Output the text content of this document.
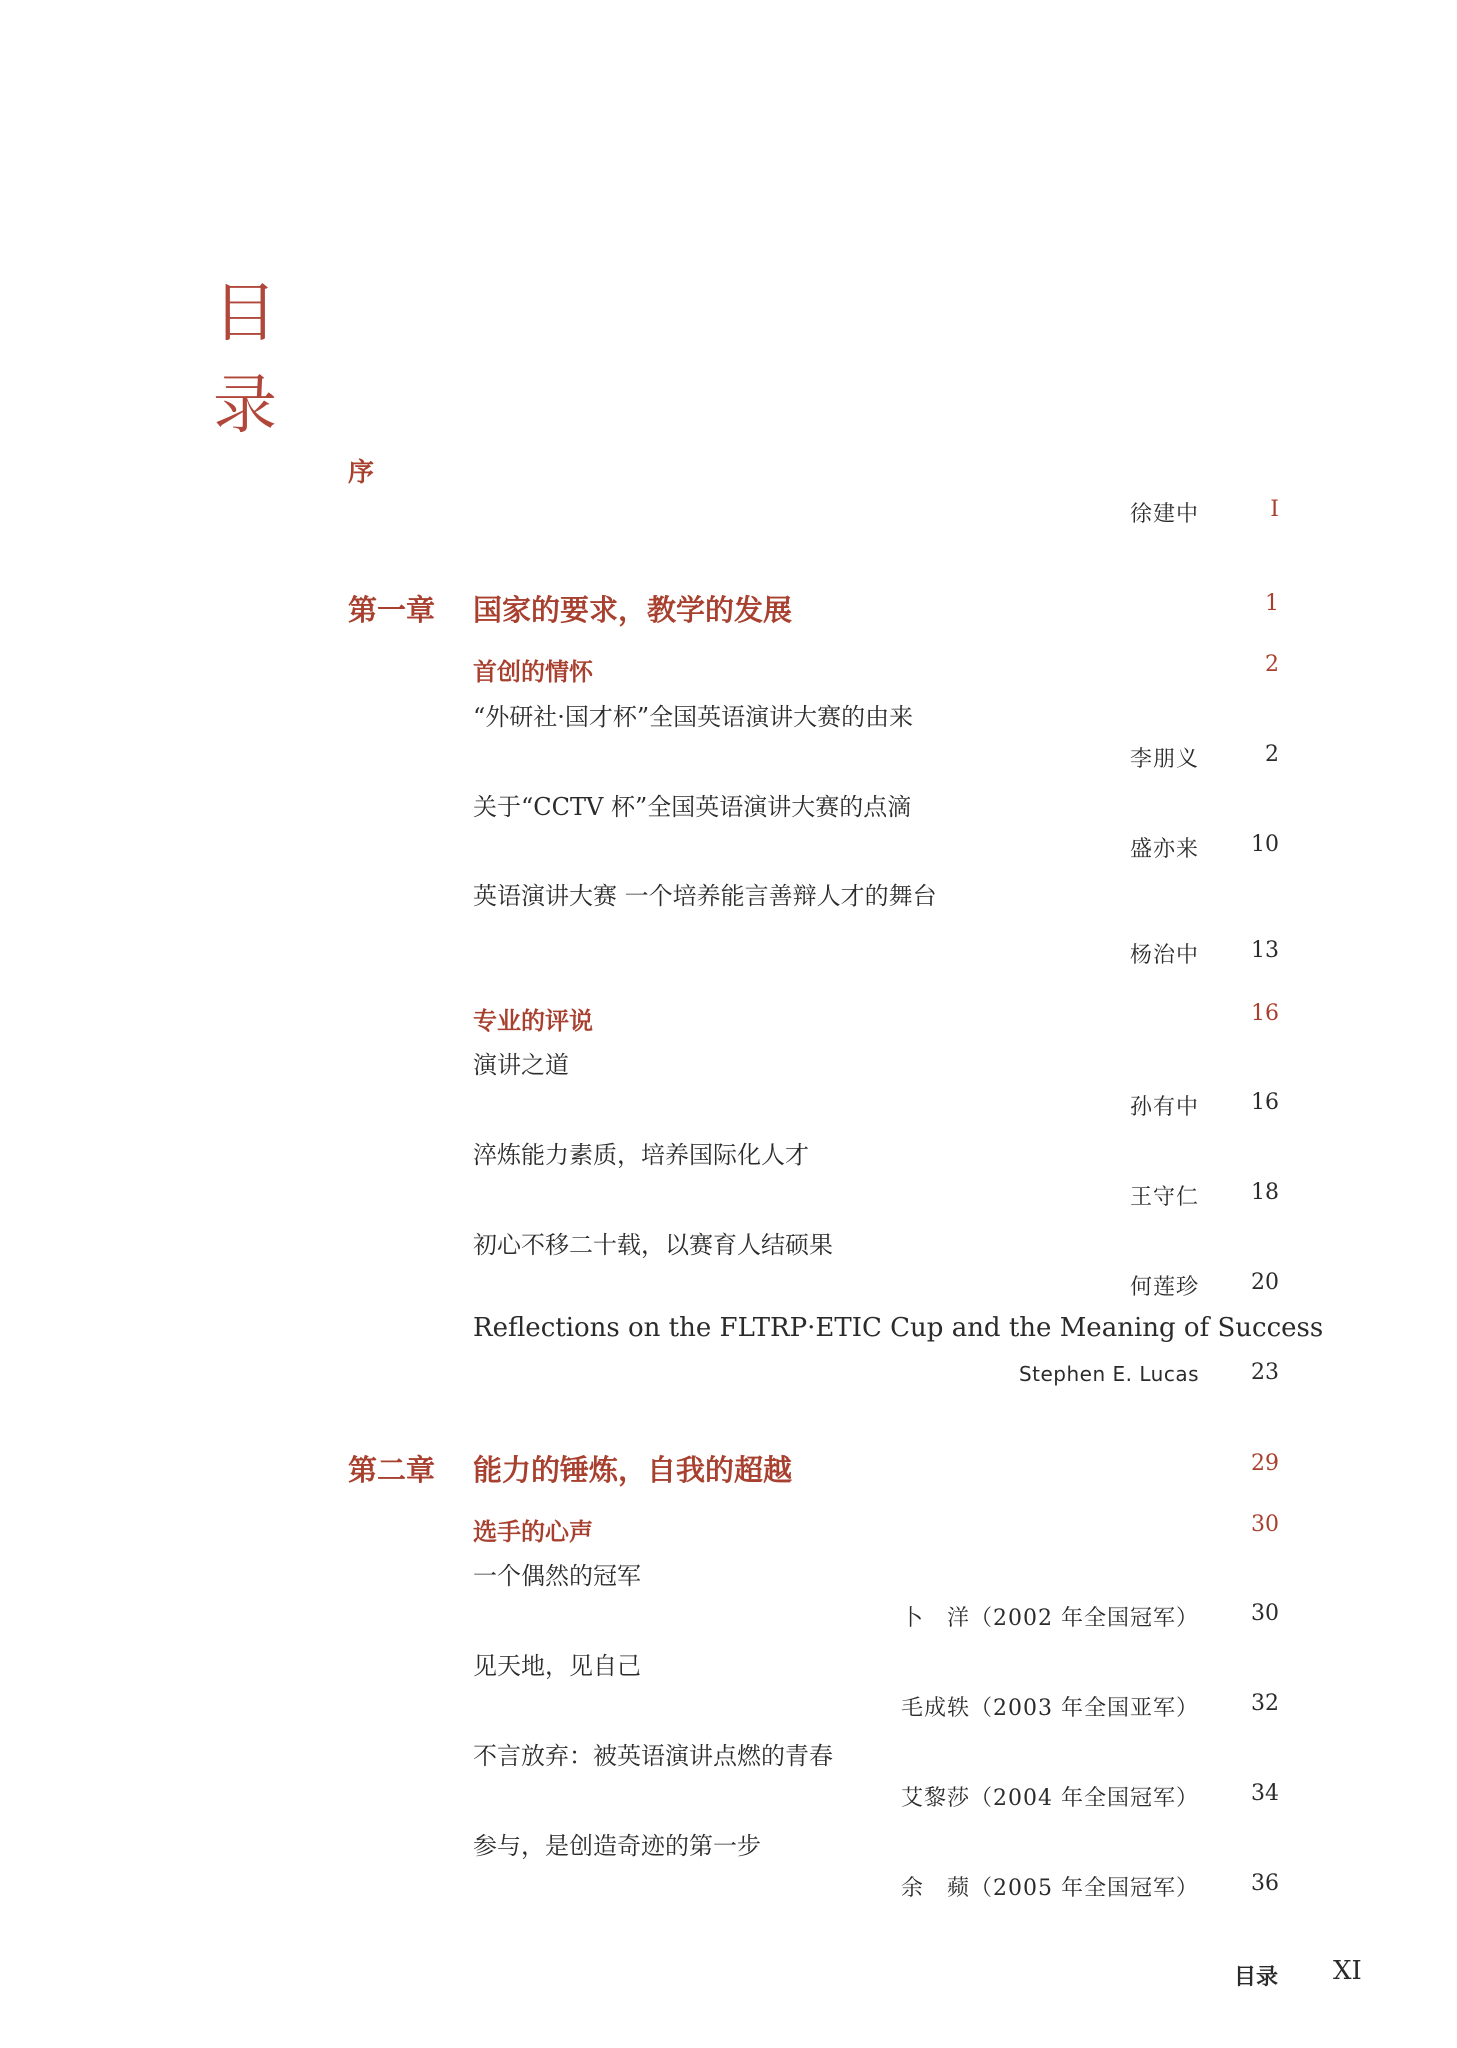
目
录
序
徐建中	I
第一章 国家的要求，教学的发展	1
首创的情怀	2
“外研社·国才杯”全国英语演讲大赛的由来
李朋义	2
关于“CCTV 杯”全国英语演讲大赛的点滴
盛亦来 10
英语演讲大赛 一个培养能言善辩人才的舞台
杨治中 13
专业的评说	16
演讲之道
孙有中 16
淬炼能力素质，培养国际化人才
王守仁 18
初心不移二十载，以赛育人结硕果
何莲珍 20
Reflections on the FLTRP·ETIC Cup and the Meaning of Success
Stephen E. Lucas 23
第二章 能力的锤炼，自我的超越	29
选手的心声	30
一个偶然的冠军
卜　洋（2002 年全国冠军） 30
见天地，见自己
毛成轶（2003 年全国亚军） 32
不言放弃：被英语演讲点燃的青春
艾黎莎（2004 年全国冠军） 34
参与，是创造奇迹的第一步
余　𬞟（2005 年全国冠军） 36
目录 XI
